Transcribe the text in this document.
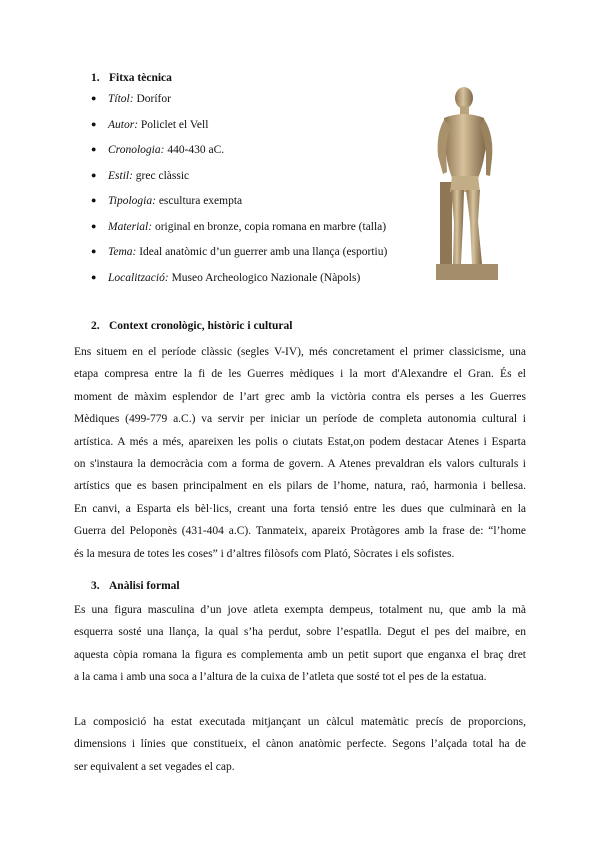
1. Fitxa tècnica
● Títol: Dorífor
● Autor: Policlet el Vell
● Cronologia: 440-430 aC.
● Estil: grec clàssic
● Tipologia: escultura exempta
● Material: original en bronze, copia romana en marbre (talla)
● Tema: Ideal anatòmic d’un guerrer amb una llança (esportiu)
● Localització: Museo Archeologico Nazionale (Nàpols)
2. Context cronològic, històric i cultural
Ens situem en el període clàssic (segles V-IV), més concretament el primer classicisme, una
etapa compresa entre la fi de les Guerres mèdiques i la mort d'Alexandre el Gran. És el
moment de màxim esplendor de l’art grec amb la victòria contra els perses a les Guerres
Mèdiques (499-779 a.C.) va servir per iniciar un període de completa autonomia cultural i
artística. A més a més, apareixen les polis o ciutats Estat,on podem destacar Atenes i Esparta
on s'instaura la democràcia com a forma de govern. A Atenes prevaldran els valors culturals i
artístics que es basen principalment en els pilars de l’home, natura, raó, harmonia i bellesa.
En canvi, a Esparta els bèl·lics, creant una forta tensió entre les dues que culminarà en la
Guerra del Peloponès (431-404 a.C). Tanmateix, apareix Protàgores amb la frase de: “l’home
és la mesura de totes les coses” i d’altres filòsofs com Plató, Sòcrates i els sofistes.
3. Anàlisi formal
Es una figura masculina d’un jove atleta exempta dempeus, totalment nu, que amb la mà
esquerra sosté una llança, la qual s’ha perdut, sobre l’espatlla. Degut el pes del maibre, en
aquesta còpia romana la figura es complementa amb un petit suport que enganxa el braç dret
a la cama i amb una soca a l’altura de la cuixa de l’atleta que sosté tot el pes de la estatua.
La composició ha estat executada mitjançant un càlcul matemàtic precís de proporcions,
dimensions i línies que constitueix, el cànon anatòmic perfecte. Segons l’alçada total ha de
ser equivalent a set vegades el cap.
